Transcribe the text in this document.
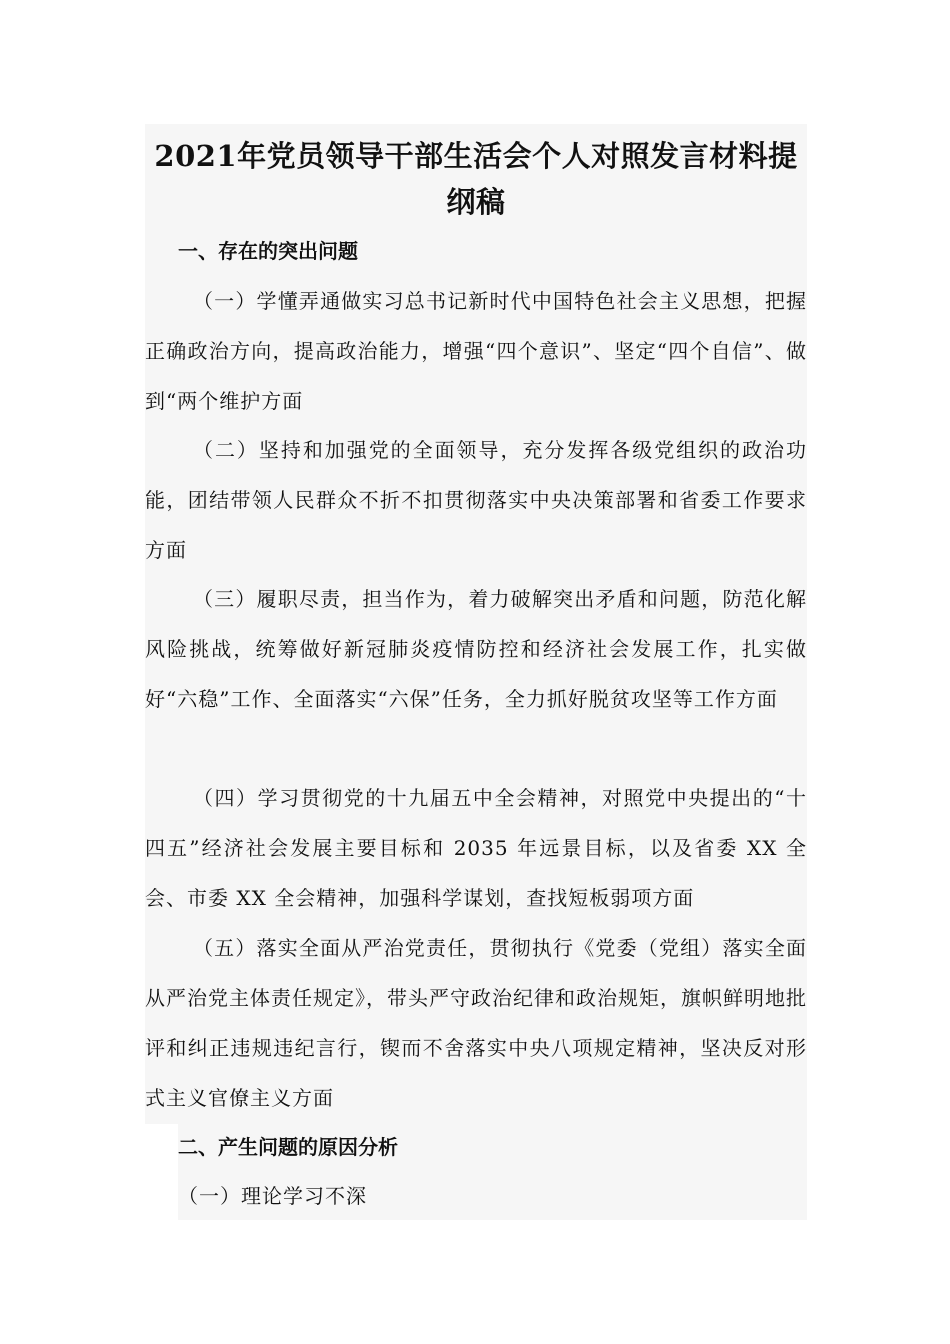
2021年党员领导干部生活会个人对照发言材料提纲稿
一、存在的突出问题

（一）学懂弄通做实习总书记新时代中国特色社会主义思想，把握正确政治方向，提高政治能力，增强“四个意识”、坚定“四个自信”、做到“两个维护方面

（二）坚持和加强党的全面领导，充分发挥各级党组织的政治功能，团结带领人民群众不折不扣贯彻落实中央决策部署和省委工作要求方面

（三）履职尽责，担当作为，着力破解突出矛盾和问题，防范化解风险挑战，统筹做好新冠肺炎疫情防控和经济社会发展工作，扎实做好“六稳”工作、全面落实“六保”任务，全力抓好脱贫攻坚等工作方面

（四）学习贯彻党的十九届五中全会精神，对照党中央提出的“十四五”经济社会发展主要目标和 2035 年远景目标，以及省委 XX 全会、市委 XX 全会精神，加强科学谋划，查找短板弱项方面

（五）落实全面从严治党责任，贯彻执行《党委（党组）落实全面从严治党主体责任规定》，带头严守政治纪律和政治规矩，旗帜鲜明地批评和纠正违规违纪言行，锲而不舍落实中央八项规定精神，坚决反对形式主义官僚主义方面

二、产生问题的原因分析

（一）理论学习不深
